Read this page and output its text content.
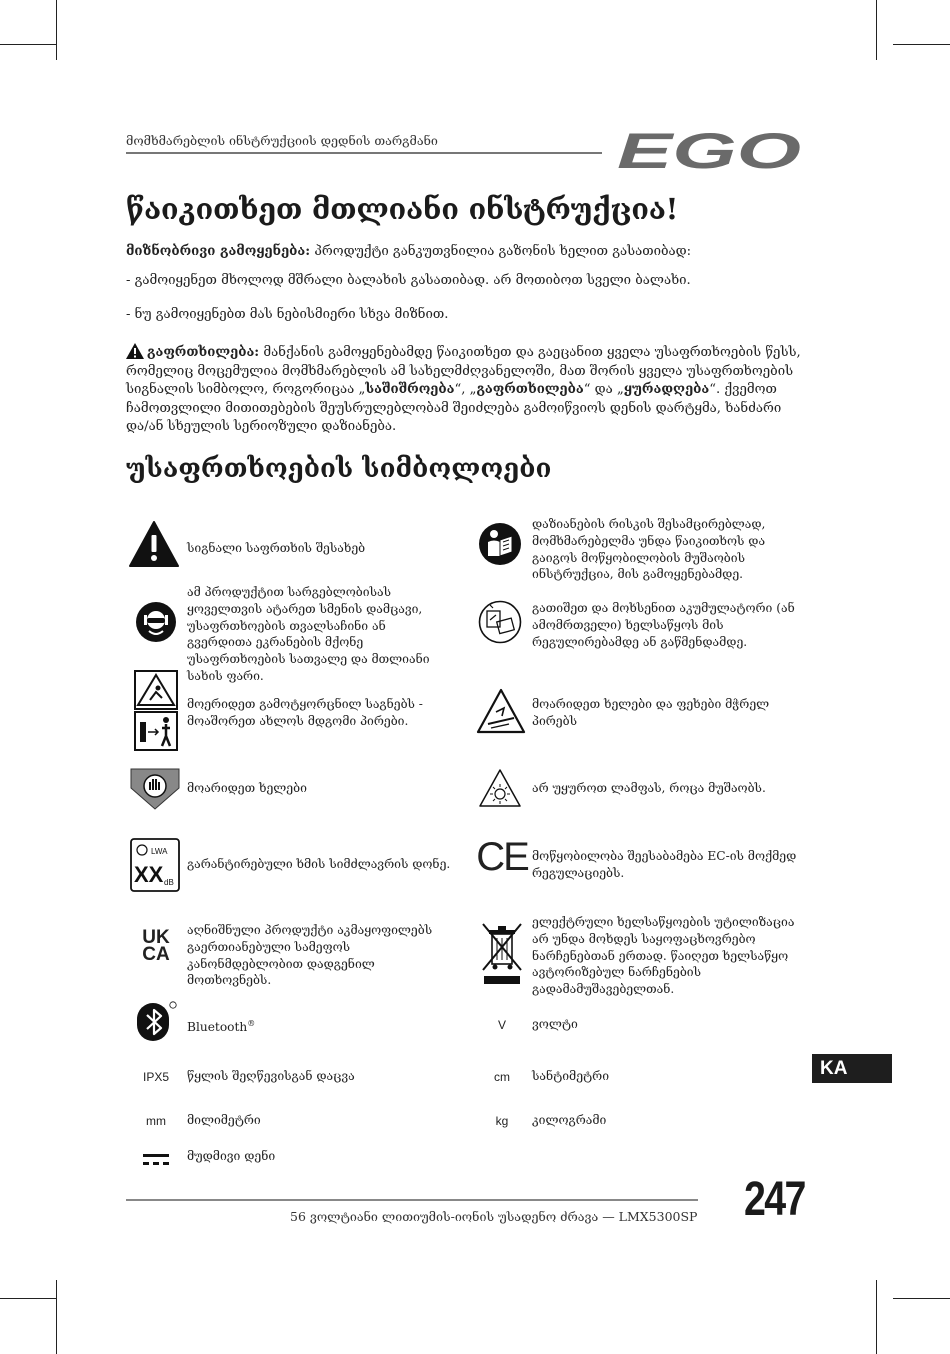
მომხმარებლის ინსტრუქციის დედნის თარგმანი	EGO
წაიკითხეთ მთლიანი ინსტრუქცია!
მიზნობრივი გამოყენება: პროდუქტი განკუთვნილია გაზონის ხელით გასათიბად:
- გამოიყენეთ მხოლოდ მშრალი ბალახის გასათიბად. არ მოთიბოთ სველი ბალახი.
- ნუ გამოიყენებთ მას ნებისმიერი სხვა მიზნით.
გაფრთხილება: მანქანის გამოყენებამდე წაიკითხეთ და გაეცანით ყველა უსაფრთხოების წესს, რომელიც მოცემულია მომხმარებლის ამ სახელმძღვანელოში, მათ შორის ყველა უსაფრთხოების სიგნალის სიმბოლო, როგორიცაა „საშიშროება“, „გაფრთხილება“ და „ყურადღება“. ქვემოთ ჩამოთვლილი მითითებების შეუსრულებლობამ შეიძლება გამოიწვიოს დენის დარტყმა, ხანძარი და/ან სხეულის სერიოზული დაზიანება.
უსაფრთხოების სიმბოლოები
სიგნალი საფრთხის შესახებ
ამ პროდუქტით სარგებლობისას ყოველთვის ატარეთ სმენის დამცავი, უსაფრთხოების თვალსაჩინი ან გვერდითა ეკრანების მქონე უსაფრთხოების სათვალე და მთლიანი სახის ფარი.
მოერიდეთ გამოტყორცნილ საგნებს - მოაშორეთ ახლოს მდგომი პირები.
მოარიდეთ ხელები
LWA
XX dB
გარანტირებული ხმის სიმძლავრის დონე.
UK
CA
აღნიშნული პროდუქტი აკმაყოფილებს გაერთიანებული სამეფოს კანონმდებლობით დადგენილ მოთხოვნებს.
Bluetooth®
IPX5	წყლის შეღწევისგან დაცვა
mm	მილიმეტრი
მუდმივი დენი
დაზიანების რისკის შესამცირებლად, მომხმარებელმა უნდა წაიკითხოს და გაიგოს მოწყობილობის მუშაობის ინსტრუქცია, მის გამოყენებამდე.
გათიშეთ და მოხსენით აკუმულატორი (ან ამომრთველი) ხელსაწყოს მის რეგულირებამდე ან გაწმენდამდე.
მოარიდეთ ხელები და ფეხები მჭრელ პირებს
არ უყუროთ ლამფას, როცა მუშაობს.
CE მოწყობილობა შეესაბამება EC-ის მოქმედ რეგულაციებს.
ელექტრული ხელსაწყოების უტილიზაცია არ უნდა მოხდეს საყოფაცხოვრებო ნარჩენებთან ერთად. წაიღეთ ხელსაწყო ავტორიზებულ ნარჩენების გადამამუშავებელთან.
V	ვოლტი
cm	სანტიმეტრი
kg	კილოგრამი
KA
56 ვოლტიანი ლითიუმის-იონის უსადენო ძრავა — LMX5300SP 247
